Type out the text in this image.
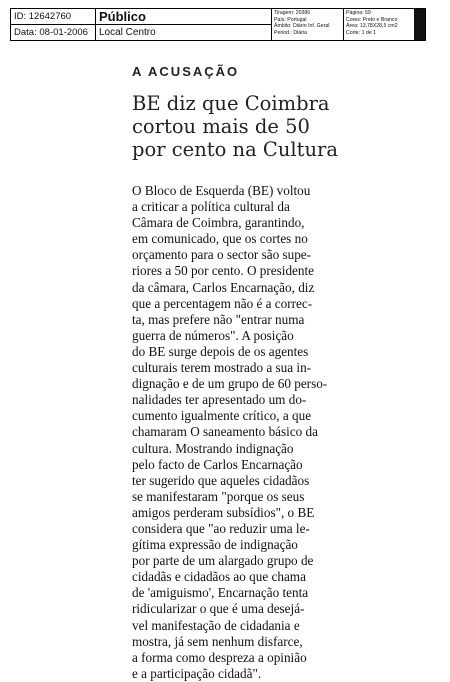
ID: 12642760
Data: 08-01-2006
Público
Local Centro
Tiragem: 20386
País: Portugal
Âmbito: Diário Inf. Geral
Period.: Diária
Página: 59
Cores: Preto e Branco
Área: 13,78X28,5 cm2
Corte: 1 de 1
A ACUSAÇÃO
BE diz que Coimbra
cortou mais de 50
por cento na Cultura
O Bloco de Esquerda (BE) voltou
a criticar a política cultural da
Câmara de Coimbra, garantindo,
em comunicado, que os cortes no
orçamento para o sector são supe-
riores a 50 por cento. O presidente
da câmara, Carlos Encarnação, diz
que a percentagem não é a correc-
ta, mas prefere não "entrar numa
guerra de números". A posição
do BE surge depois de os agentes
culturais terem mostrado a sua in-
dignação e de um grupo de 60 perso-
nalidades ter apresentado um do-
cumento igualmente crítico, a que
chamaram O saneamento básico da
cultura. Mostrando indignação
pelo facto de Carlos Encarnação
ter sugerido que aqueles cidadãos
se manifestaram "porque os seus
amigos perderam subsídios", o BE
considera que "ao reduzir uma le-
gítima expressão de indignação
por parte de um alargado grupo de
cidadãs e cidadãos ao que chama
de 'amiguismo', Encarnação tenta
ridicularizar o que é uma desejá-
vel manifestação de cidadania e
mostra, já sem nenhum disfarce,
a forma como despreza a opinião
e a participação cidadã".
